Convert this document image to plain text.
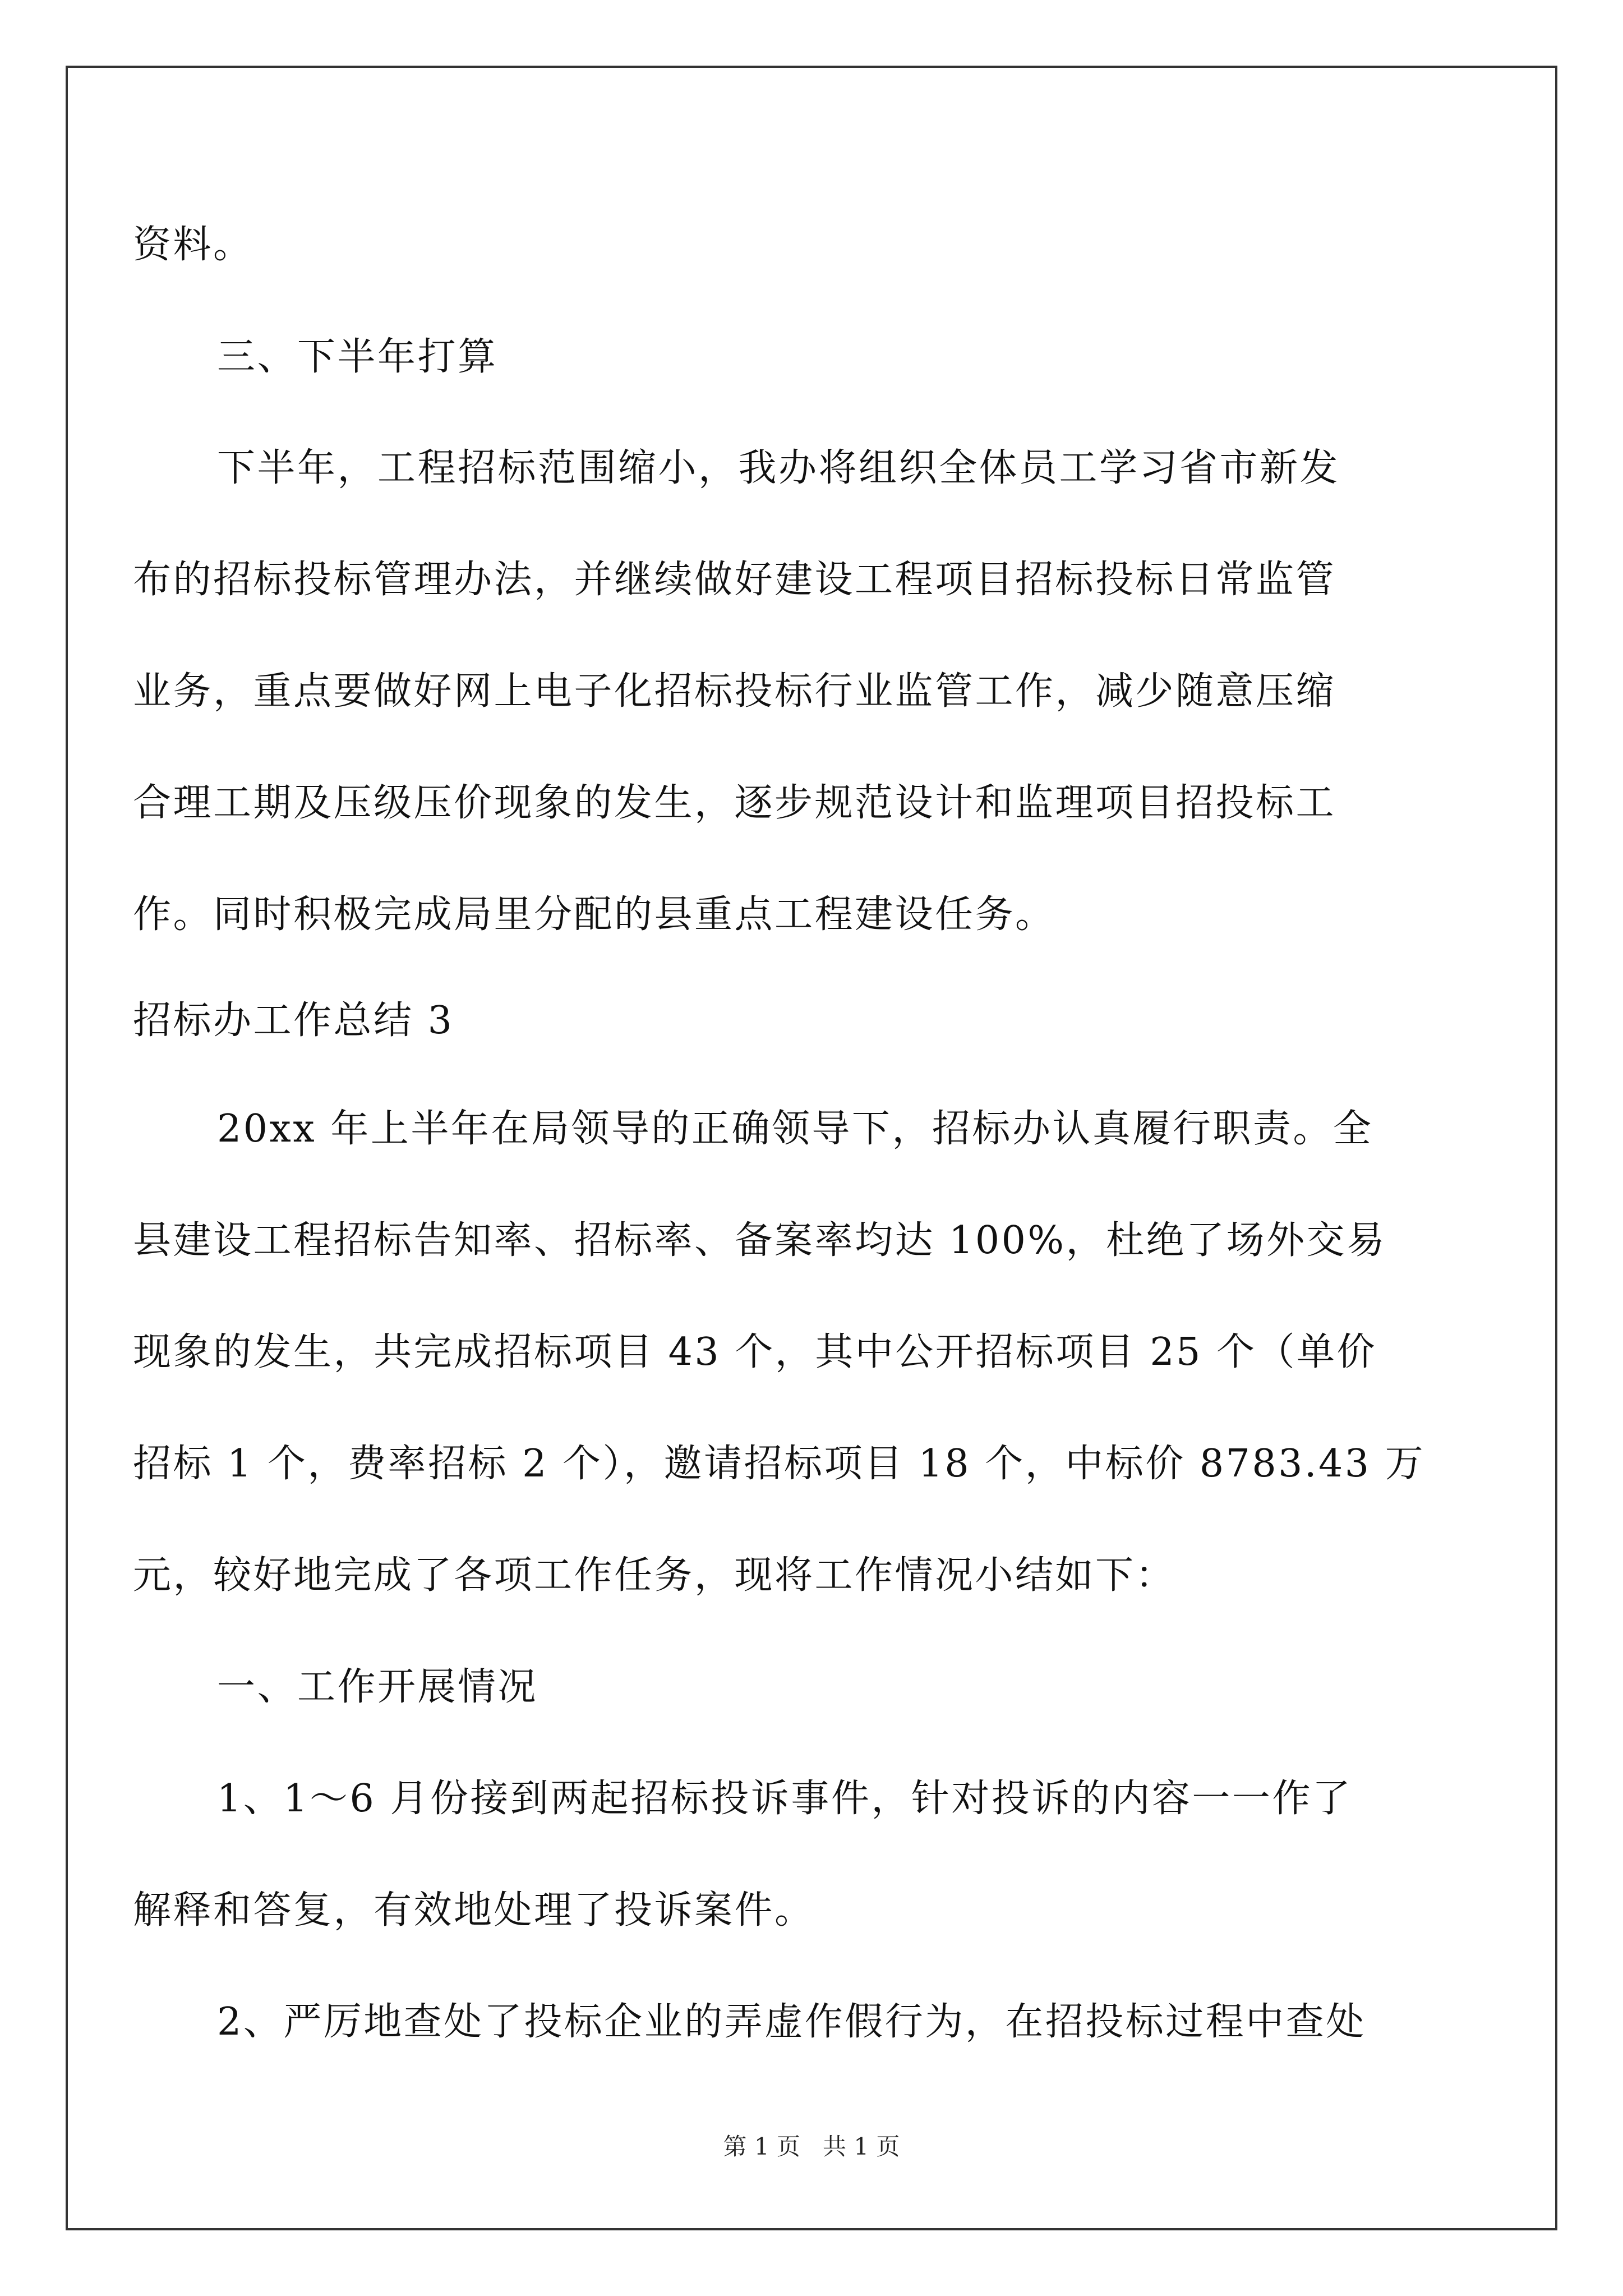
资料。
三、下半年打算
下半年，工程招标范围缩小，我办将组织全体员工学习省市新发
布的招标投标管理办法，并继续做好建设工程项目招标投标日常监管
业务，重点要做好网上电子化招标投标行业监管工作，减少随意压缩
合理工期及压级压价现象的发生，逐步规范设计和监理项目招投标工
作。同时积极完成局里分配的县重点工程建设任务。
招标办工作总结 3
20xx 年上半年在局领导的正确领导下，招标办认真履行职责。全
县建设工程招标告知率、招标率、备案率均达 100%，杜绝了场外交易
现象的发生，共完成招标项目 43 个，其中公开招标项目 25 个（单价
招标 1 个，费率招标 2 个），邀请招标项目 18 个，中标价 8783.43 万
元，较好地完成了各项工作任务，现将工作情况小结如下：
一、工作开展情况
1、1～6 月份接到两起招标投诉事件，针对投诉的内容一一作了
解释和答复，有效地处理了投诉案件。
2、严厉地查处了投标企业的弄虚作假行为，在招投标过程中查处
第 1 页   共 1 页
